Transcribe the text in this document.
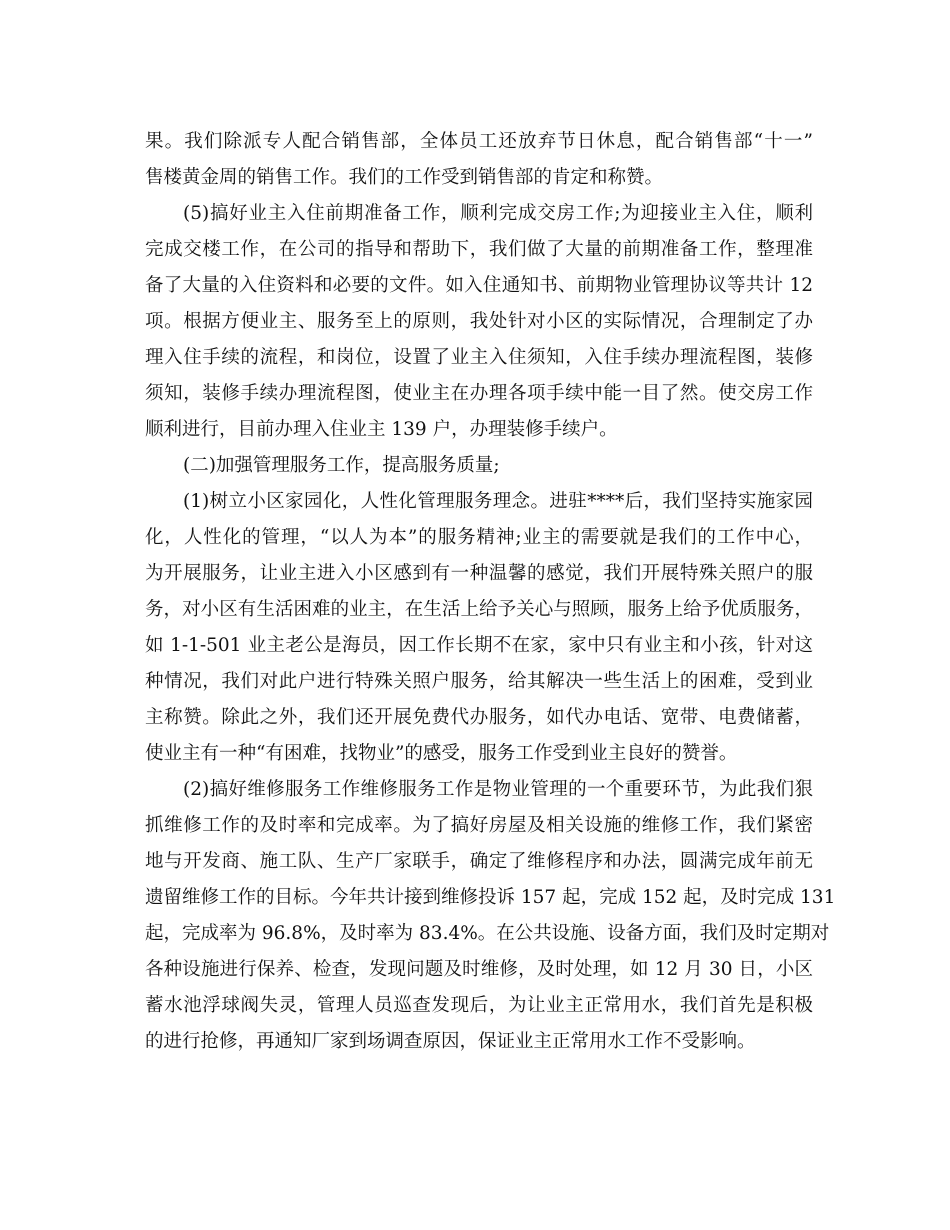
果。我们除派专人配合销售部，全体员工还放弃节日休息，配合销售部“十一”
售楼黄金周的销售工作。我们的工作受到销售部的肯定和称赞。
(5)搞好业主入住前期准备工作，顺利完成交房工作;为迎接业主入住，顺利
完成交楼工作，在公司的指导和帮助下，我们做了大量的前期准备工作，整理准
备了大量的入住资料和必要的文件。如入住通知书、前期物业管理协议等共计 12
项。根据方便业主、服务至上的原则，我处针对小区的实际情况，合理制定了办
理入住手续的流程，和岗位，设置了业主入住须知，入住手续办理流程图，装修
须知，装修手续办理流程图，使业主在办理各项手续中能一目了然。使交房工作
顺利进行，目前办理入住业主 139 户，办理装修手续户。
(二)加强管理服务工作，提高服务质量;
(1)树立小区家园化，人性化管理服务理念。进驻****后，我们坚持实施家园
化，人性化的管理，“以人为本”的服务精神;业主的需要就是我们的工作中心，
为开展服务，让业主进入小区感到有一种温馨的感觉，我们开展特殊关照户的服
务，对小区有生活困难的业主，在生活上给予关心与照顾，服务上给予优质服务，
如 1-1-501 业主老公是海员，因工作长期不在家，家中只有业主和小孩，针对这
种情况，我们对此户进行特殊关照户服务，给其解决一些生活上的困难，受到业
主称赞。除此之外，我们还开展免费代办服务，如代办电话、宽带、电费储蓄，
使业主有一种“有困难，找物业”的感受，服务工作受到业主良好的赞誉。
(2)搞好维修服务工作维修服务工作是物业管理的一个重要环节，为此我们狠
抓维修工作的及时率和完成率。为了搞好房屋及相关设施的维修工作，我们紧密
地与开发商、施工队、生产厂家联手，确定了维修程序和办法，圆满完成年前无
遗留维修工作的目标。今年共计接到维修投诉 157 起，完成 152 起，及时完成 131
起，完成率为 96.8%，及时率为 83.4%。在公共设施、设备方面，我们及时定期对
各种设施进行保养、检查，发现问题及时维修，及时处理，如 12 月 30 日，小区
蓄水池浮球阀失灵，管理人员巡查发现后，为让业主正常用水，我们首先是积极
的进行抢修，再通知厂家到场调查原因，保证业主正常用水工作不受影响。
